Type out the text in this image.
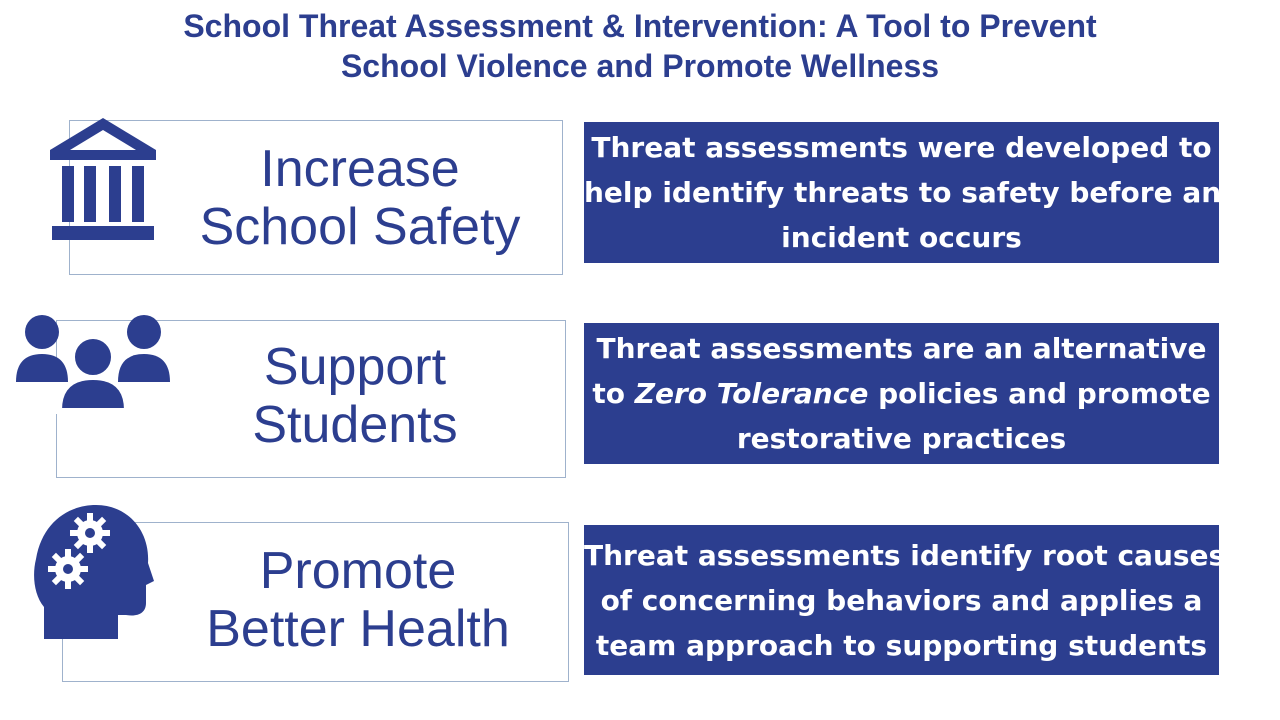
School Threat Assessment & Intervention: A Tool to Prevent
School Violence and Promote Wellness
Increase
School Safety
Threat assessments were developed to
help identify threats to safety before an
incident occurs
Support
Students
Threat assessments are an alternative
to Zero Tolerance policies and promote
restorative practices
Promote
Better Health
Threat assessments identify root causes
of concerning behaviors and applies a
team approach to supporting students
